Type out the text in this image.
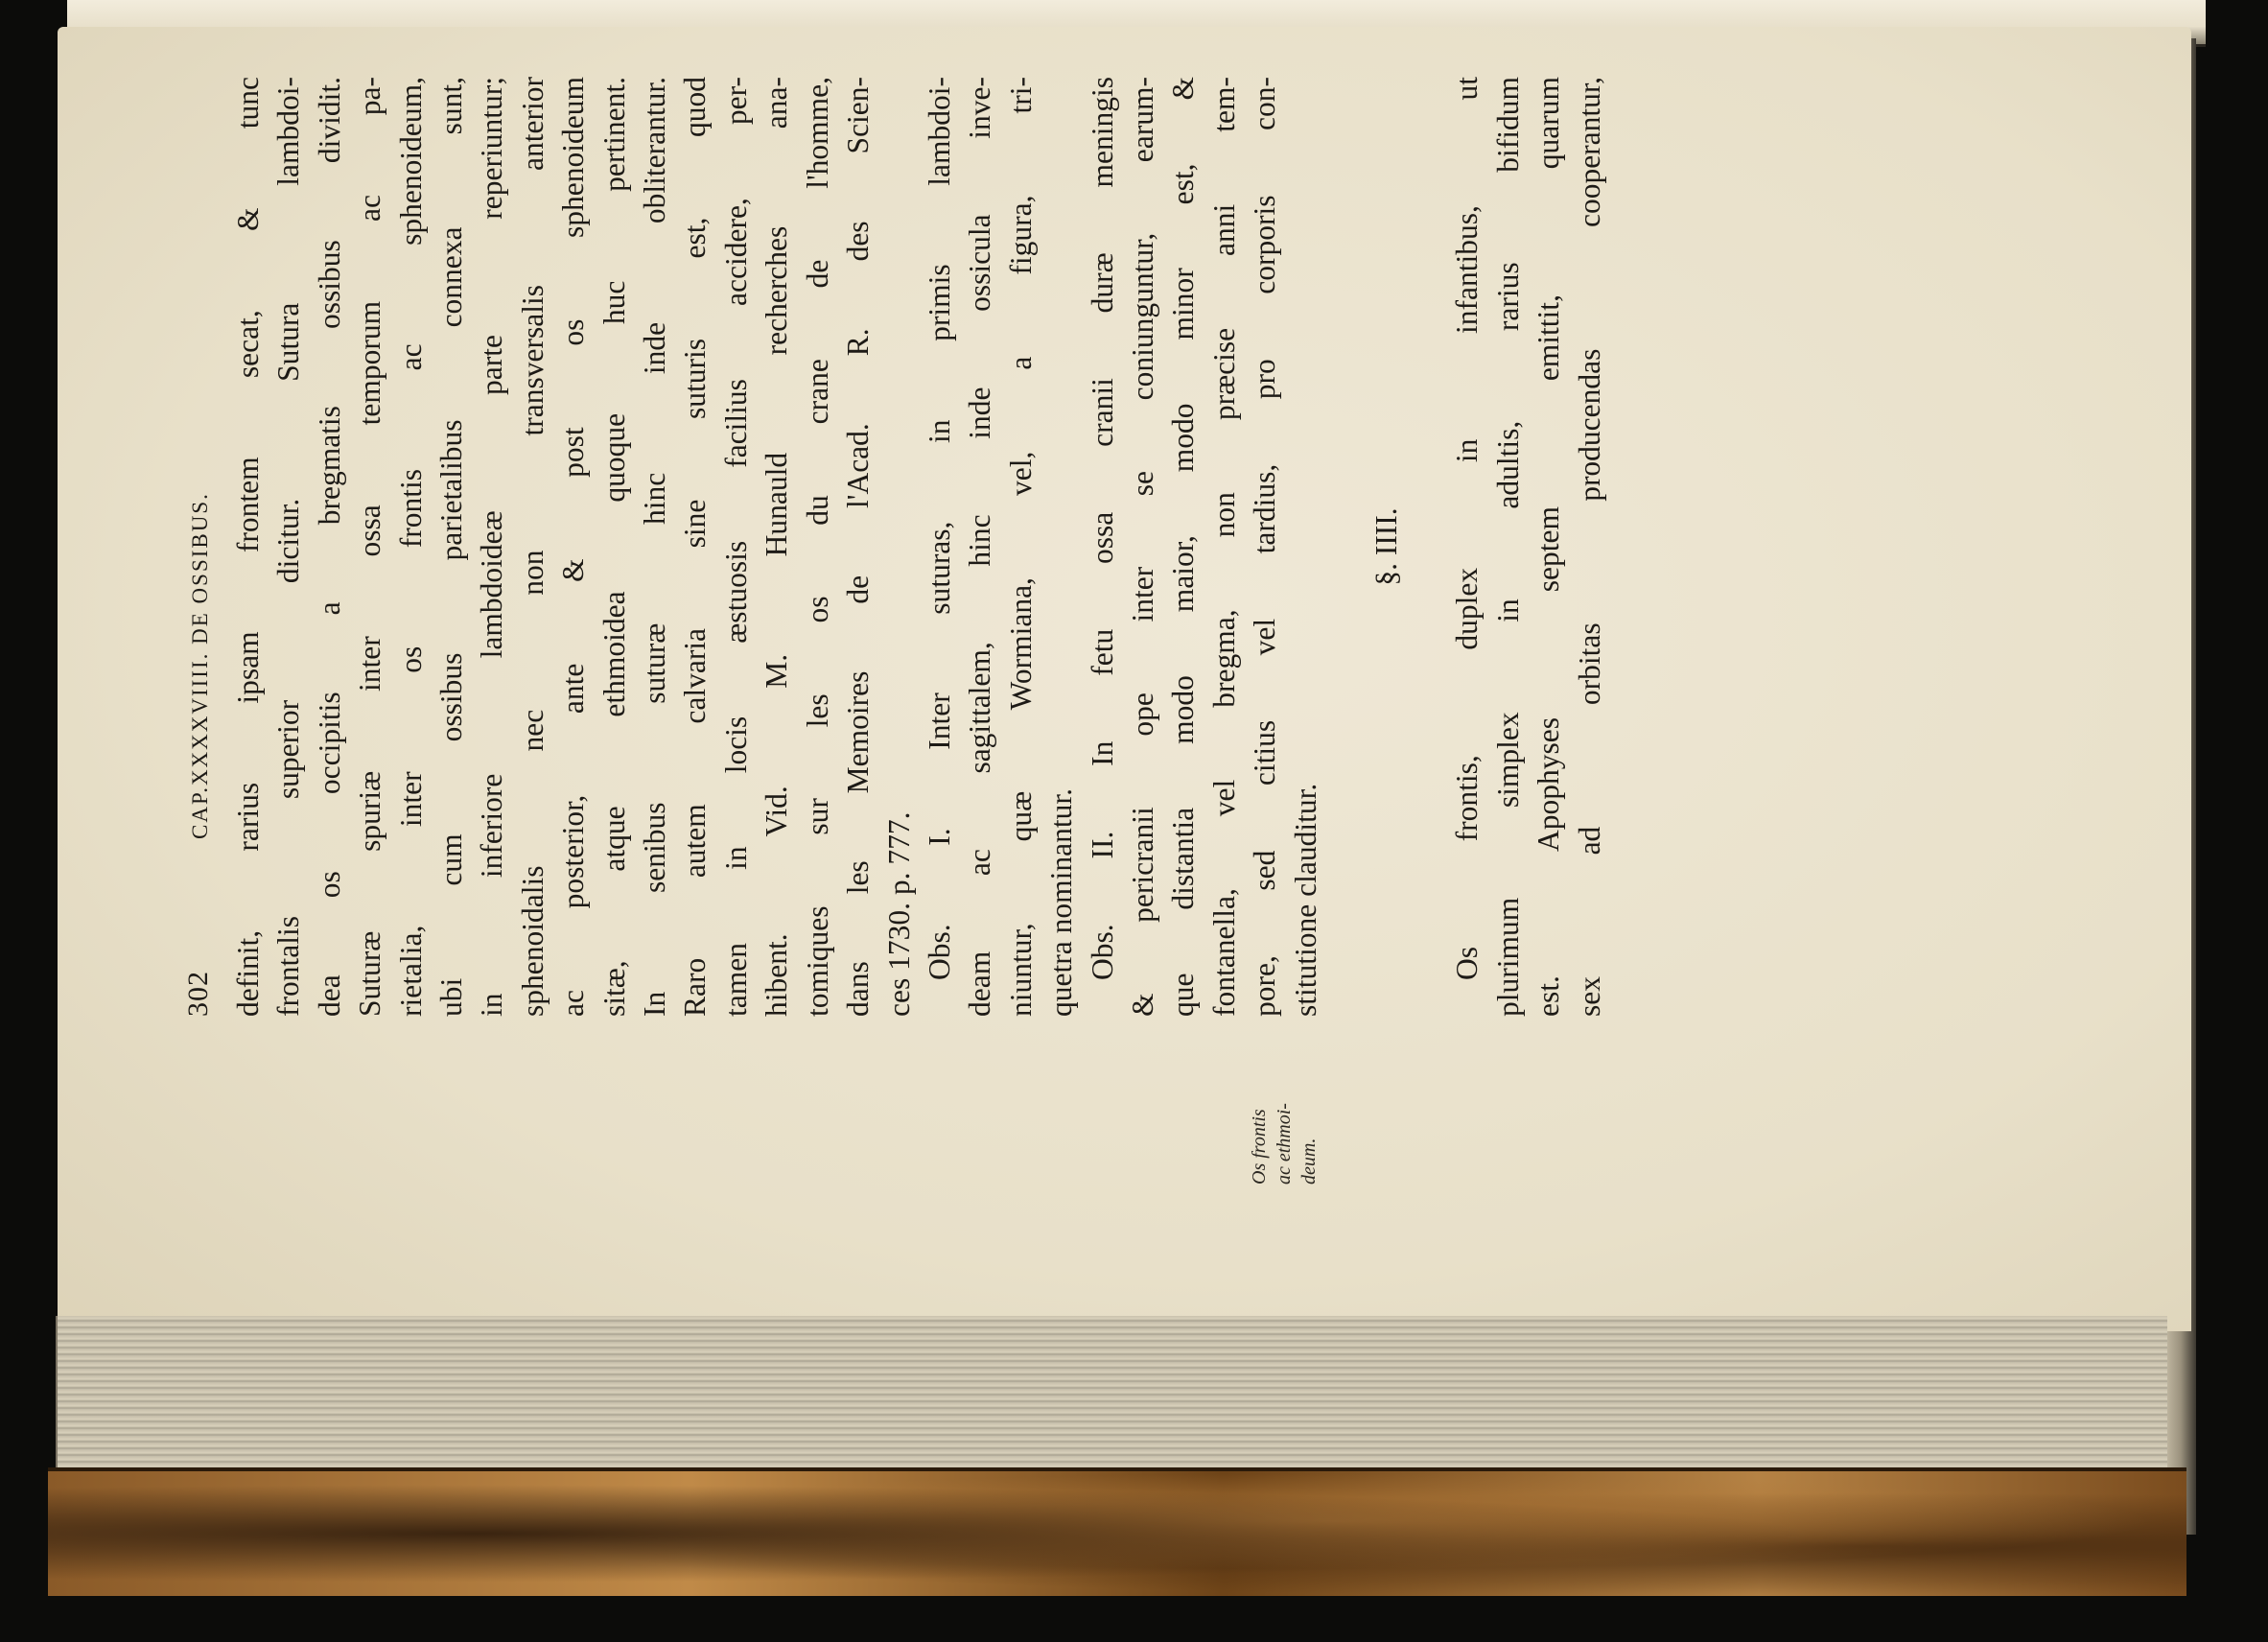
302
CAP.XXXXVIIII. DE OSSIBUS. definit, rarius ipsam frontem secat, & tunc frontalis superior dicitur. Sutura lambdoi- dea os occipitis a bregmatis ossibus dividit. Suturæ spuriæ inter ossa temporum ac pa- rietalia, inter os frontis ac sphenoideum, ubi cum ossibus parietalibus connexa sunt, in inferiore lambdoideæ parte reperiuntur; sphenoidalis nec non transversalis anterior ac posterior, ante & post os sphenoideum sitæ, atque ethmoidea quoque huc pertinent. In senibus suturæ hinc inde obliterantur. Raro autem calvaria sine suturis est, quod tamen in locis æstuosis facilius accidere, per- hibent. Vid. M. Hunauld recherches ana- tomiques sur les os du crane de l'homme, dans les Memoires de l'Acad. R. des Scien- ces 1730. p. 777. Obs. I. Inter suturas, in primis lambdoi- deam ac sagittalem, hinc inde ossicula inve- niuntur, quæ Wormiana, vel, a figura, tri- quetra nominantur. Obs. II. In fetu ossa cranii duræ meningis & pericranii ope inter se coniunguntur, earum- que distantia modo maior, modo minor est, & fontanella, vel bregma, non præcise anni tem- pore, sed citius vel tardius, pro corporis con- stitutione clauditur.
§. IIII. Os frontis, duplex in infantibus, ut plurimum simplex in adultis, rarius bifidum est. Apophyses septem emittit, quarum sex ad orbitas producendas cooperantur,
Os frontis ac ethmoi- deum.
